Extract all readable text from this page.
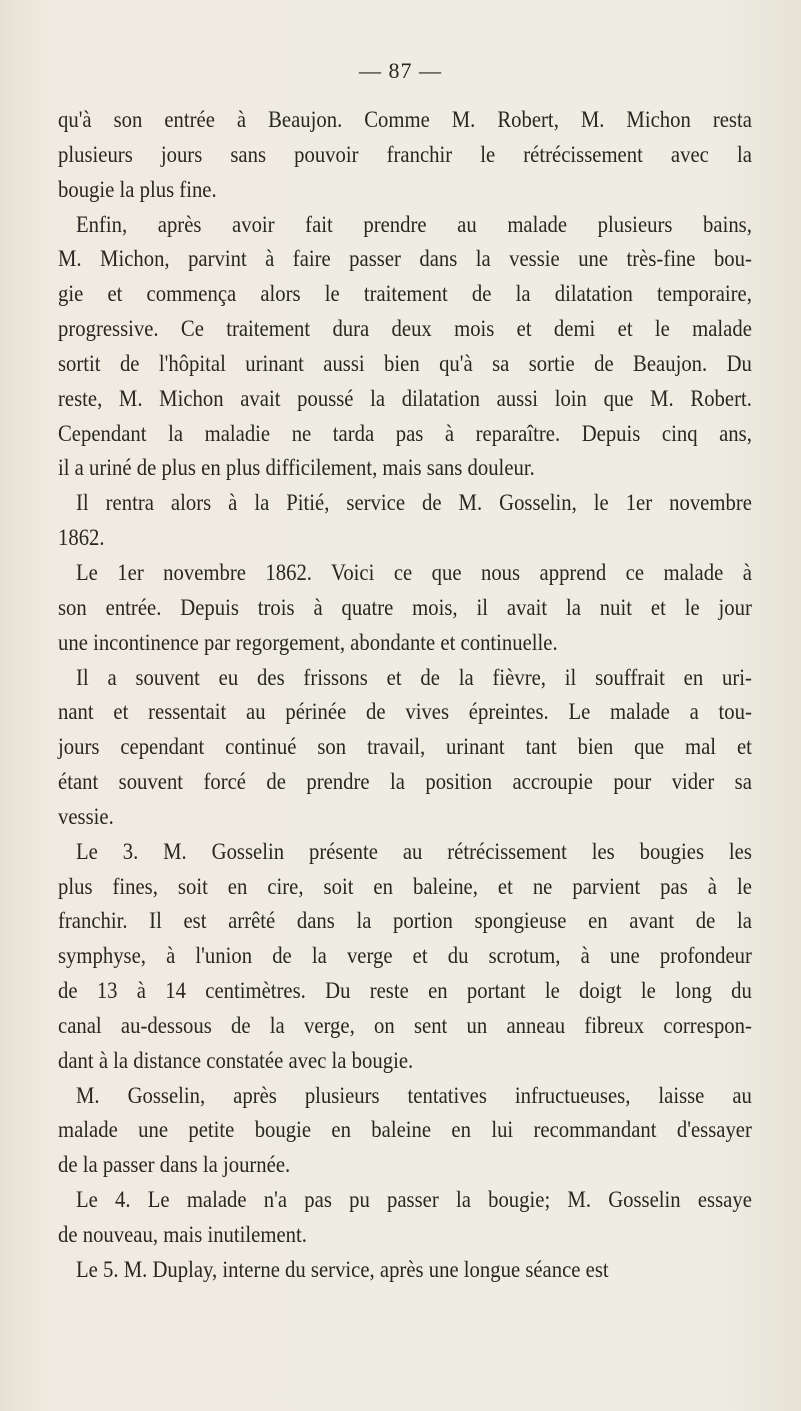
— 87 —
qu'à son entrée à Beaujon. Comme M. Robert, M. Michon resta
plusieurs jours sans pouvoir franchir le rétrécissement avec la
bougie la plus fine.
Enfin, après avoir fait prendre au malade plusieurs bains,
M. Michon, parvint à faire passer dans la vessie une très-fine bou-
gie et commença alors le traitement de la dilatation temporaire,
progressive. Ce traitement dura deux mois et demi et le malade
sortit de l'hôpital urinant aussi bien qu'à sa sortie de Beaujon. Du
reste, M. Michon avait poussé la dilatation aussi loin que M. Robert.
Cependant la maladie ne tarda pas à reparaître. Depuis cinq ans,
il a uriné de plus en plus difficilement, mais sans douleur.
Il rentra alors à la Pitié, service de M. Gosselin, le 1er novembre
1862.
Le 1er novembre 1862. Voici ce que nous apprend ce malade à
son entrée. Depuis trois à quatre mois, il avait la nuit et le jour
une incontinence par regorgement, abondante et continuelle.
Il a souvent eu des frissons et de la fièvre, il souffrait en uri-
nant et ressentait au périnée de vives épreintes. Le malade a tou-
jours cependant continué son travail, urinant tant bien que mal et
étant souvent forcé de prendre la position accroupie pour vider sa
vessie.
Le 3. M. Gosselin présente au rétrécissement les bougies les
plus fines, soit en cire, soit en baleine, et ne parvient pas à le
franchir. Il est arrêté dans la portion spongieuse en avant de la
symphyse, à l'union de la verge et du scrotum, à une profondeur
de 13 à 14 centimètres. Du reste en portant le doigt le long du
canal au-dessous de la verge, on sent un anneau fibreux correspon-
dant à la distance constatée avec la bougie.
M. Gosselin, après plusieurs tentatives infructueuses, laisse au
malade une petite bougie en baleine en lui recommandant d'essayer
de la passer dans la journée.
Le 4. Le malade n'a pas pu passer la bougie; M. Gosselin essaye
de nouveau, mais inutilement.
Le 5. M. Duplay, interne du service, après une longue séance est
